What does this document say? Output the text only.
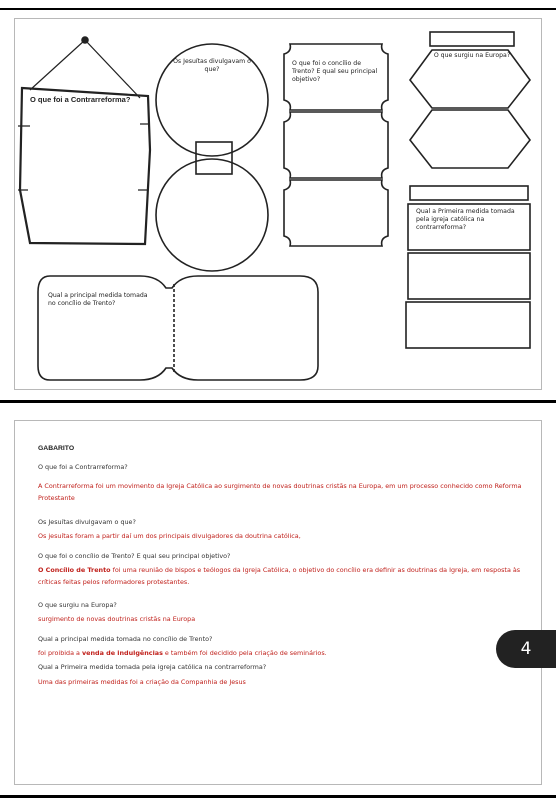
O que foi a Contrarreforma?
Os Jesuítas divulgavam o que?
O que foi o concílio de Trento? E qual seu principal objetivo?
O que surgiu na Europa?
Qual a Primeira medida tomada pela igreja católica na contrarreforma?
Qual a principal medida tomada no concílio de Trento?
GABARITO
O que foi a Contrarreforma?
A Contrarreforma foi um movimento da Igreja Católica ao surgimento de novas doutrinas cristãs na Europa, em um processo conhecido como Reforma Protestante
Os Jesuítas divulgavam o que?
Os jesuítas foram a partir daí um dos principais divulgadores da doutrina católica,
O que foi o concílio de Trento? E qual seu principal objetivo?
O Concílio de Trento foi uma reunião de bispos e teólogos da Igreja Católica, o objetivo do concílio era definir as doutrinas da Igreja, em resposta às críticas feitas pelos reformadores protestantes.
O que surgiu na Europa?
surgimento de novas doutrinas cristãs na Europa
Qual a principal medida tomada no concílio de Trento?
foi proibida a venda de indulgências e também foi decidido pela criação de seminários.
Qual a Primeira medida tomada pela igreja católica na contrarreforma?
Uma das primeiras medidas foi a criação da Companhia de Jesus
4
